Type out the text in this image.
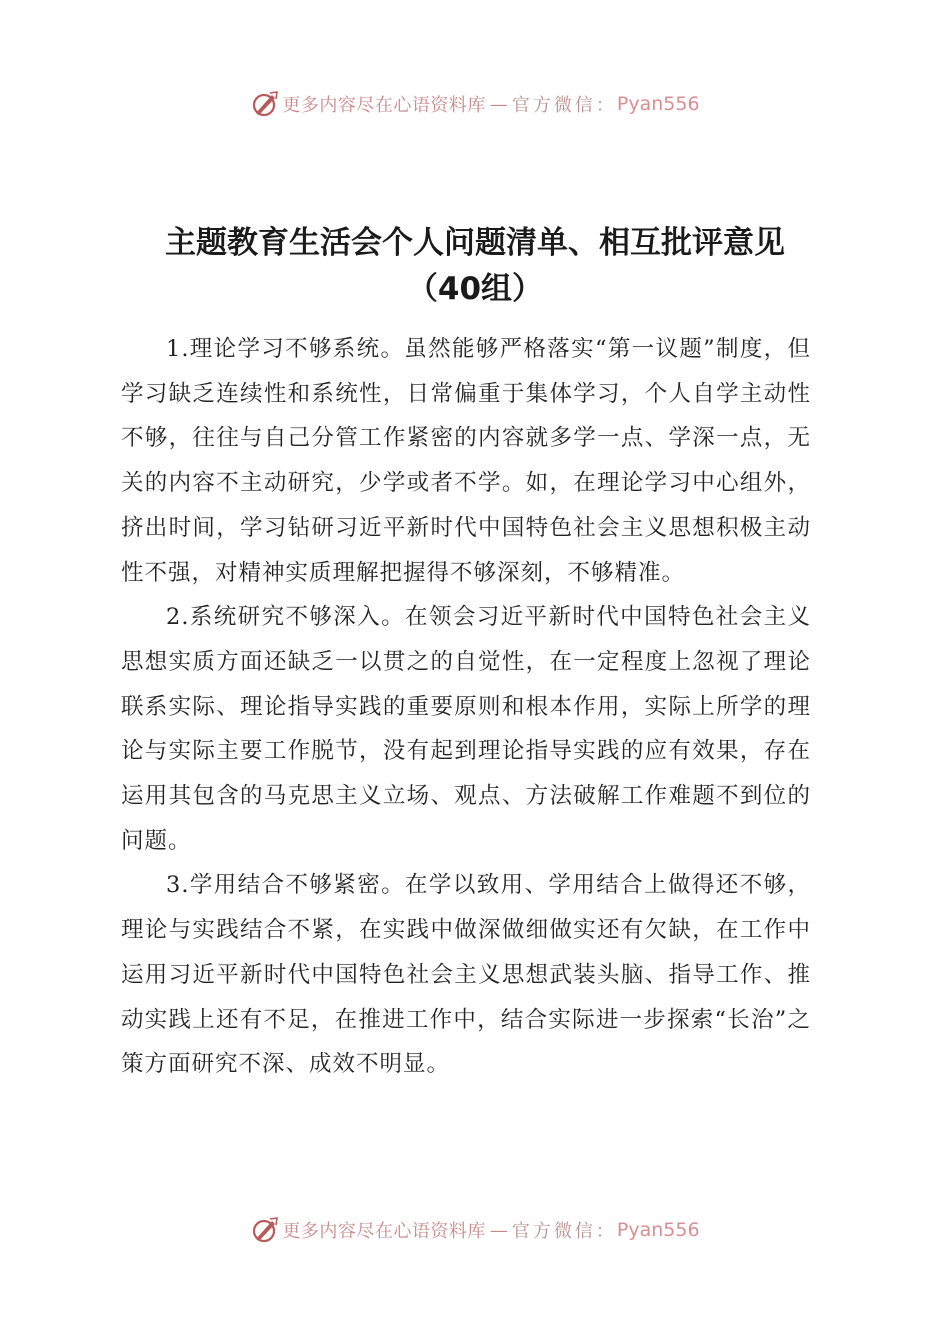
更多内容尽在心语资料库 — 官方微信： Pyan556
主题教育生活会个人问题清单、相互批评意见
（40组）

1.理论学习不够系统。虽然能够严格落实“第一议题”制度，但学习缺乏连续性和系统性，日常偏重于集体学习，个人自学主动性不够，往往与自己分管工作紧密的内容就多学一点、学深一点，无关的内容不主动研究，少学或者不学。如，在理论学习中心组外，挤出时间，学习钻研习近平新时代中国特色社会主义思想积极主动性不强，对精神实质理解把握得不够深刻，不够精准。

2.系统研究不够深入。在领会习近平新时代中国特色社会主义思想实质方面还缺乏一以贯之的自觉性，在一定程度上忽视了理论联系实际、理论指导实践的重要原则和根本作用，实际上所学的理论与实际主要工作脱节，没有起到理论指导实践的应有效果，存在运用其包含的马克思主义立场、观点、方法破解工作难题不到位的问题。

3.学用结合不够紧密。在学以致用、学用结合上做得还不够，理论与实践结合不紧，在实践中做深做细做实还有欠缺，在工作中运用习近平新时代中国特色社会主义思想武装头脑、指导工作、推动实践上还有不足，在推进工作中，结合实际进一步探索“长治”之策方面研究不深、成效不明显。

更多内容尽在心语资料库 — 官方微信： Pyan556
